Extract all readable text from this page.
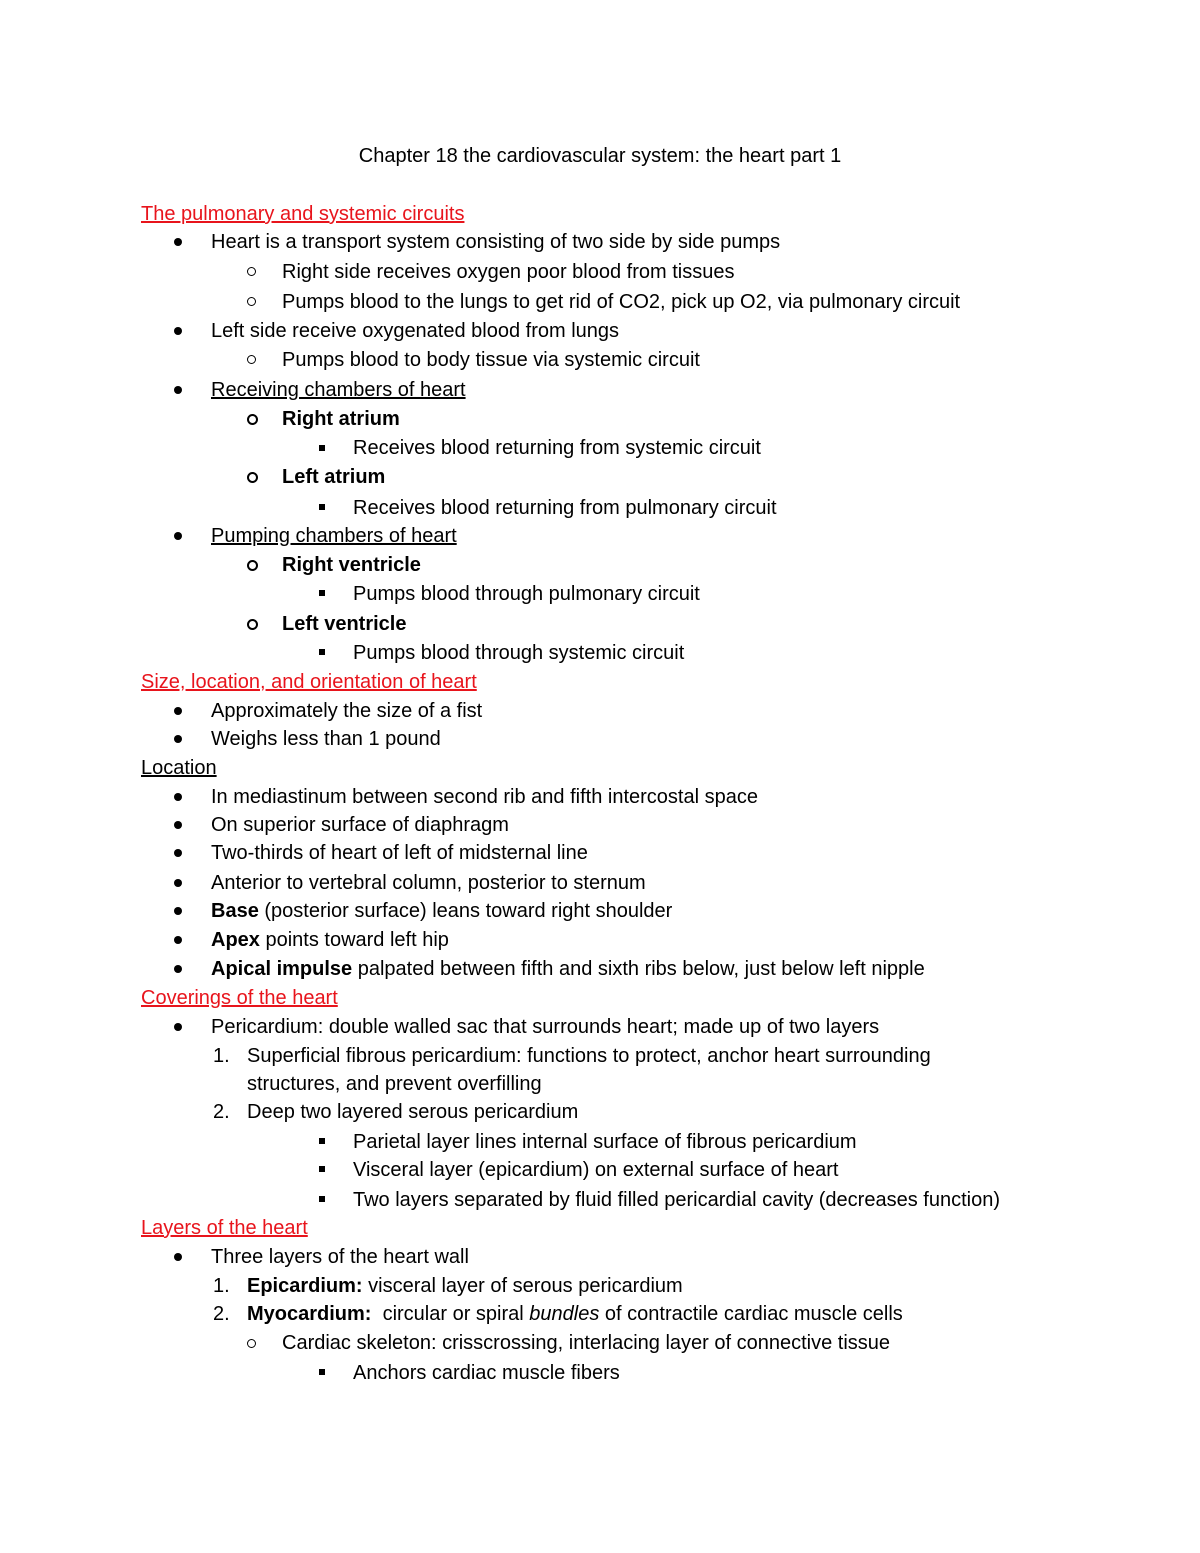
Chapter 18 the cardiovascular system: the heart part 1
The pulmonary and systemic circuits
Heart is a transport system consisting of two side by side pumps
Right side receives oxygen poor blood from tissues
Pumps blood to the lungs to get rid of CO2, pick up O2, via pulmonary circuit
Left side receive oxygenated blood from lungs
Pumps blood to body tissue via systemic circuit
Receiving chambers of heart
Right atrium
Receives blood returning from systemic circuit
Left atrium
Receives blood returning from pulmonary circuit
Pumping chambers of heart
Right ventricle
Pumps blood through pulmonary circuit
Left ventricle
Pumps blood through systemic circuit
Size, location, and orientation of heart
Approximately the size of a fist
Weighs less than 1 pound
Location
In mediastinum between second rib and fifth intercostal space
On superior surface of diaphragm
Two-thirds of heart of left of midsternal line
Anterior to vertebral column, posterior to sternum
Base (posterior surface) leans toward right shoulder
Apex points toward left hip
Apical impulse palpated between fifth and sixth ribs below, just below left nipple
Coverings of the heart
Pericardium: double walled sac that surrounds heart; made up of two layers
1. Superficial fibrous pericardium: functions to protect, anchor heart surrounding
structures, and prevent overfilling
2. Deep two layered serous pericardium
Parietal layer lines internal surface of fibrous pericardium
Visceral layer (epicardium) on external surface of heart
Two layers separated by fluid filled pericardial cavity (decreases function)
Layers of the heart
Three layers of the heart wall
1. Epicardium: visceral layer of serous pericardium
2. Myocardium:  circular or spiral bundles of contractile cardiac muscle cells
Cardiac skeleton: crisscrossing, interlacing layer of connective tissue
Anchors cardiac muscle fibers
